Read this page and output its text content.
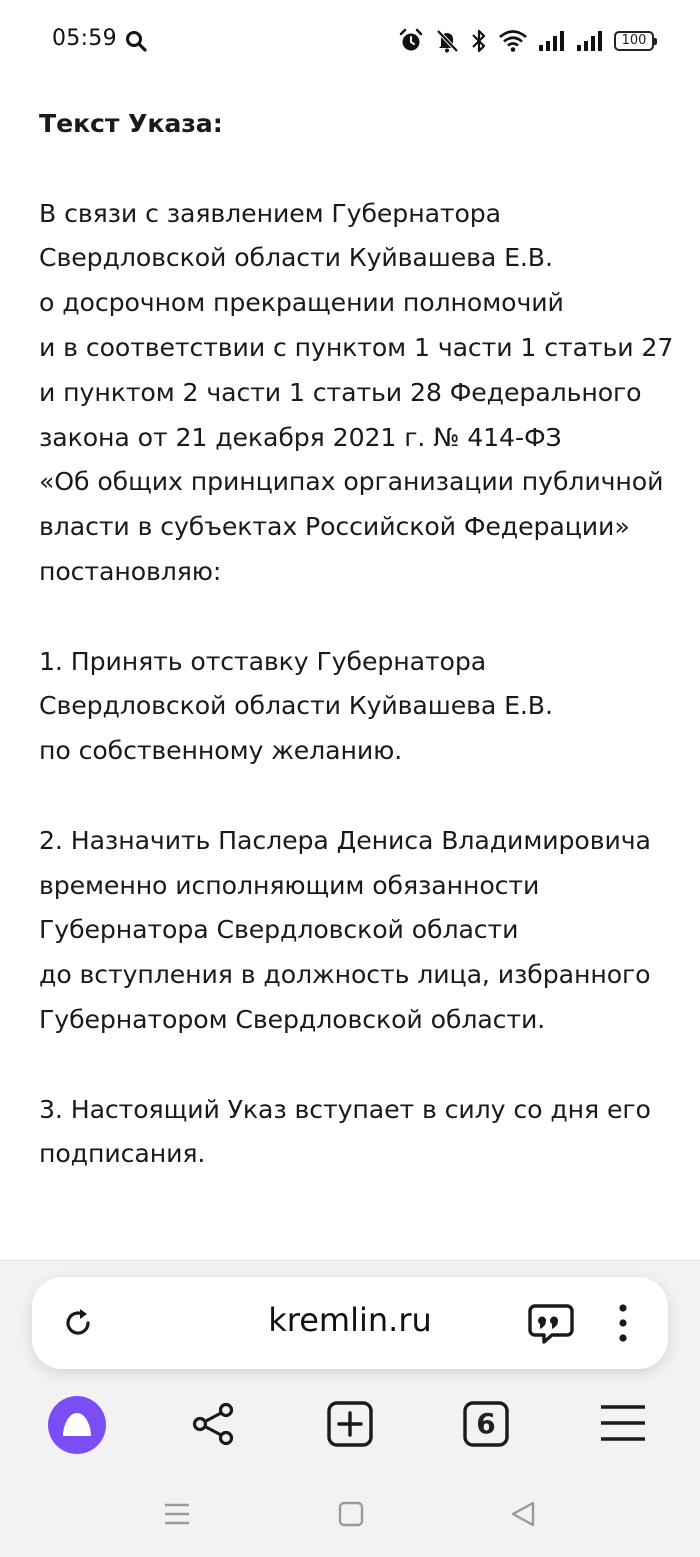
05:59	100

Текст Указа:

В связи с заявлением Губернатора
Свердловской области Куйвашева Е.В.
о досрочном прекращении полномочий
и в соответствии с пунктом 1 части 1 статьи 27
и пунктом 2 части 1 статьи 28 Федерального
закона от 21 декабря 2021 г. № 414-ФЗ
«Об общих принципах организации публичной
власти в субъектах Российской Федерации»
постановляю:

1. Принять отставку Губернатора
Свердловской области Куйвашева Е.В.
по собственному желанию.

2. Назначить Паслера Дениса Владимировича
временно исполняющим обязанности
Губернатора Свердловской области
до вступления в должность лица, избранного
Губернатором Свердловской области.

3. Настоящий Указ вступает в силу со дня его
подписания.

kremlin.ru
6
